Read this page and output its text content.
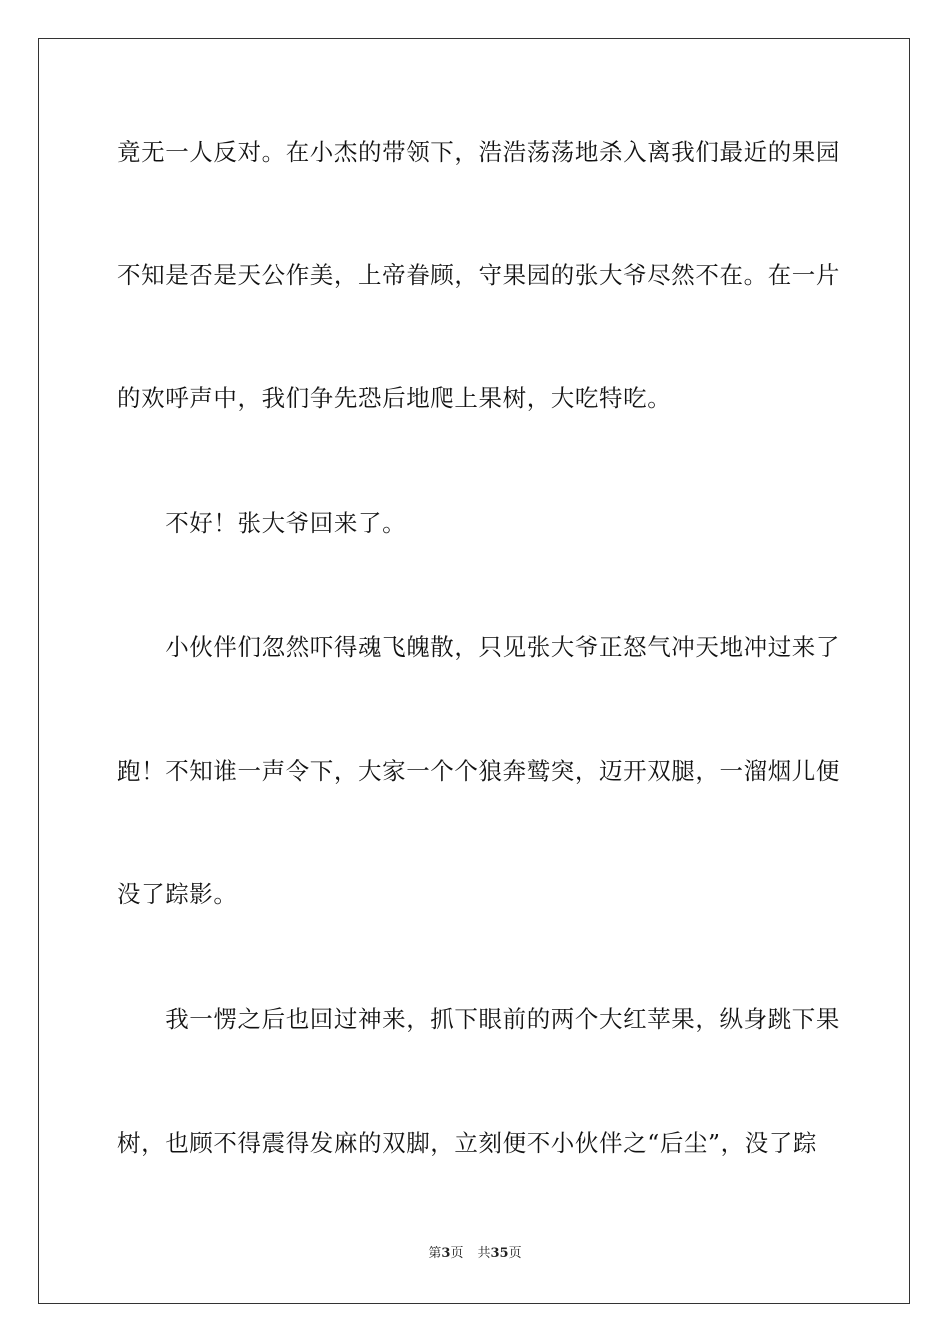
竟无一人反对。在小杰的带领下，浩浩荡荡地杀入离我们最近的果园
不知是否是天公作美，上帝眷顾，守果园的张大爷尽然不在。在一片
的欢呼声中，我们争先恐后地爬上果树，大吃特吃。
　　不好！张大爷回来了。
　　小伙伴们忽然吓得魂飞魄散，只见张大爷正怒气冲天地冲过来了
跑！不知谁一声令下，大家一个个狼奔鹫突，迈开双腿，一溜烟儿便
没了踪影。
　　我一愣之后也回过神来，抓下眼前的两个大红苹果，纵身跳下果
树，也顾不得震得发麻的双脚，立刻便不小伙伴之“后尘”，没了踪
第3页 共35页
